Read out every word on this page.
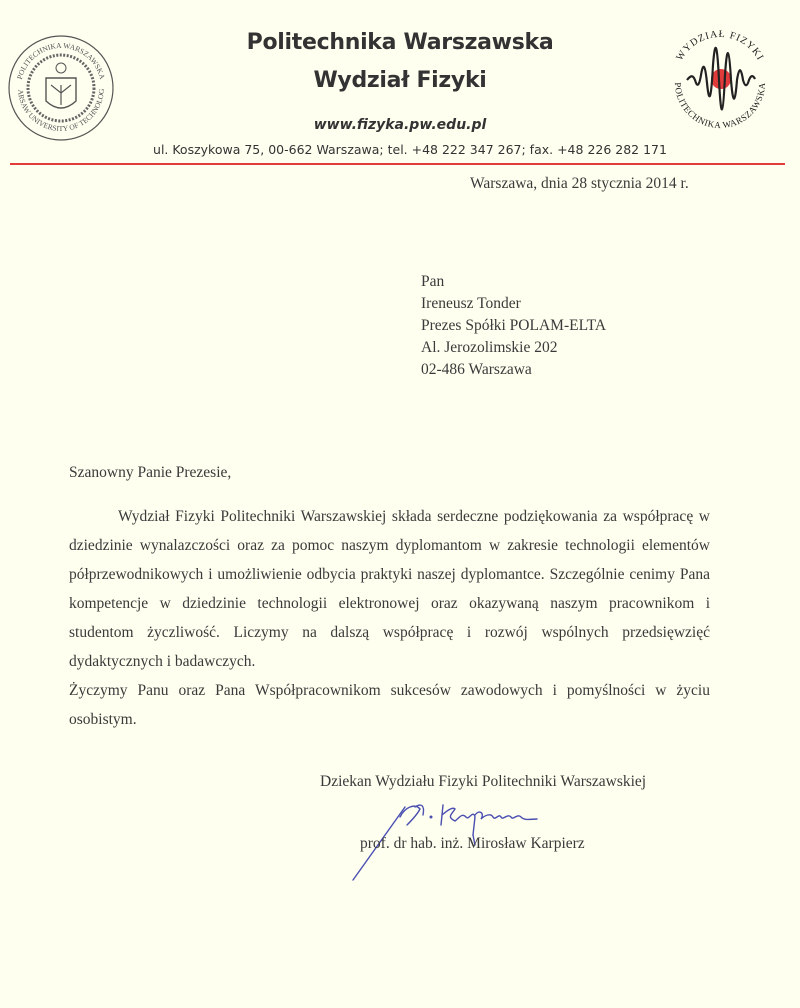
POLITECHNIKA WARSZAWSKA
ARSAW UNIVERSITY OF TECHNOLOG
Politechnika Warszawska
Wydział Fizyki
www.fizyka.pw.edu.pl
ul. Koszykowa 75, 00-662 Warszawa; tel. +48 222 347 267; fax. +48 226 282 171
WYDZIAŁ FIZYKI
POLITECHNIKA WARSZAWSKA
Warszawa, dnia 28 stycznia 2014 r.
Pan
Ireneusz Tonder
Prezes Spółki POLAM-ELTA
Al. Jerozolimskie 202
02-486 Warszawa
Szanowny Panie Prezesie,

Wydział Fizyki Politechniki Warszawskiej składa serdeczne podziękowania za współpracę w dziedzinie wynalazczości oraz za pomoc naszym dyplomantom w zakresie technologii elementów półprzewodnikowych i umożliwienie odbycia praktyki naszej dyplomantce. Szczególnie cenimy Pana kompetencje w dziedzinie technologii elektronowej oraz okazywaną naszym pracownikom i studentom życzliwość. Liczymy na dalszą współpracę i rozwój wspólnych przedsięwzięć dydaktycznych i badawczych.

Życzymy Panu oraz Pana Współpracownikom sukcesów zawodowych i pomyślności w życiu osobistym.

Dziekan Wydziału Fizyki Politechniki Warszawskiej
prof. dr hab. inż. Mirosław Karpierz
